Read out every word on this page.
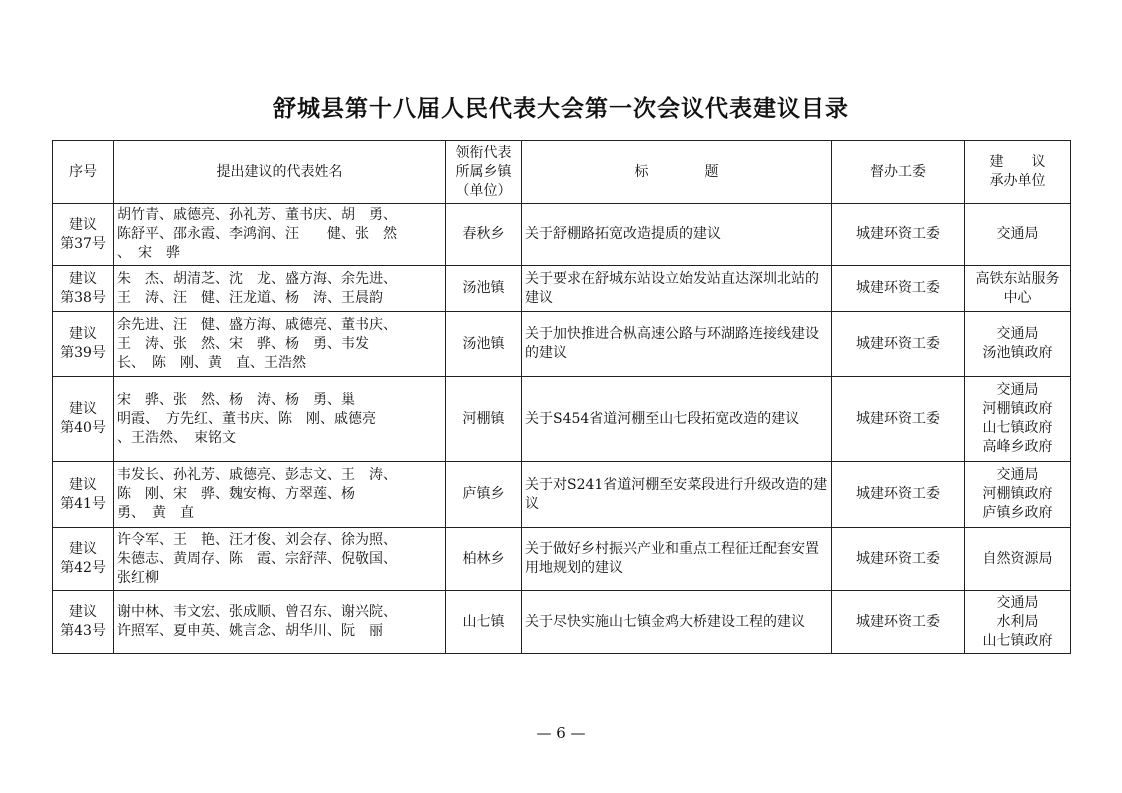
舒城县第十八届人民代表大会第一次会议代表建议目录
序号	提出建议的代表姓名	领衔代表
所属乡镇
（单位）	标　　　　题	督办工委	建　　议
承办单位

建议
第37号	胡竹青、戚德亮、孙礼芳、董书庆、胡　勇、
陈舒平、邵永霞、李鸿润、汪　　健、张　然
、　宋　骅	春秋乡	关于舒棚路拓宽改造提质的建议	城建环资工委	交通局

建议
第38号	朱　杰、胡清芝、沈　龙、盛方海、余先进、
王　涛、汪　健、汪龙道、杨　涛、王晨韵	汤池镇	关于要求在舒城东站设立始发站直达深圳北站的建议	城建环资工委	高铁东站服务
中心

建议
第39号	余先进、汪　健、盛方海、戚德亮、董书庆、
王　涛、张　然、宋　骅、杨　勇、韦发
长、　陈　刚、黄　直、王浩然	汤池镇	关于加快推进合枞高速公路与环湖路连接线建设的建议	城建环资工委	交通局
汤池镇政府

建议
第40号	宋　骅、张　然、杨　涛、杨　勇、巢
明霞、　方先红、董书庆、陈　刚、戚德亮
、王浩然、　束铭文	河棚镇	关于S454省道河棚至山七段拓宽改造的建议	城建环资工委	交通局
河棚镇政府
山七镇政府
高峰乡政府

建议
第41号	韦发长、孙礼芳、戚德亮、彭志文、王　涛、
陈　刚、宋　骅、魏安梅、方翠莲、杨
勇、　黄　直	庐镇乡	关于对S241省道河棚至安菜段进行升级改造的建议	城建环资工委	交通局
河棚镇政府
庐镇乡政府

建议
第42号	许令军、王　艳、汪才俊、刘会存、徐为照、
朱德志、黄周存、陈　霞、宗舒萍、倪敬国、
张红柳	柏林乡	关于做好乡村振兴产业和重点工程征迁配套安置用地规划的建议	城建环资工委	自然资源局

建议
第43号	谢中林、韦文宏、张成顺、曾召东、谢兴院、
许照军、夏申英、姚言念、胡华川、阮　丽	山七镇	关于尽快实施山七镇金鸡大桥建设工程的建议	城建环资工委	交通局
水利局
山七镇政府
— 6 —
